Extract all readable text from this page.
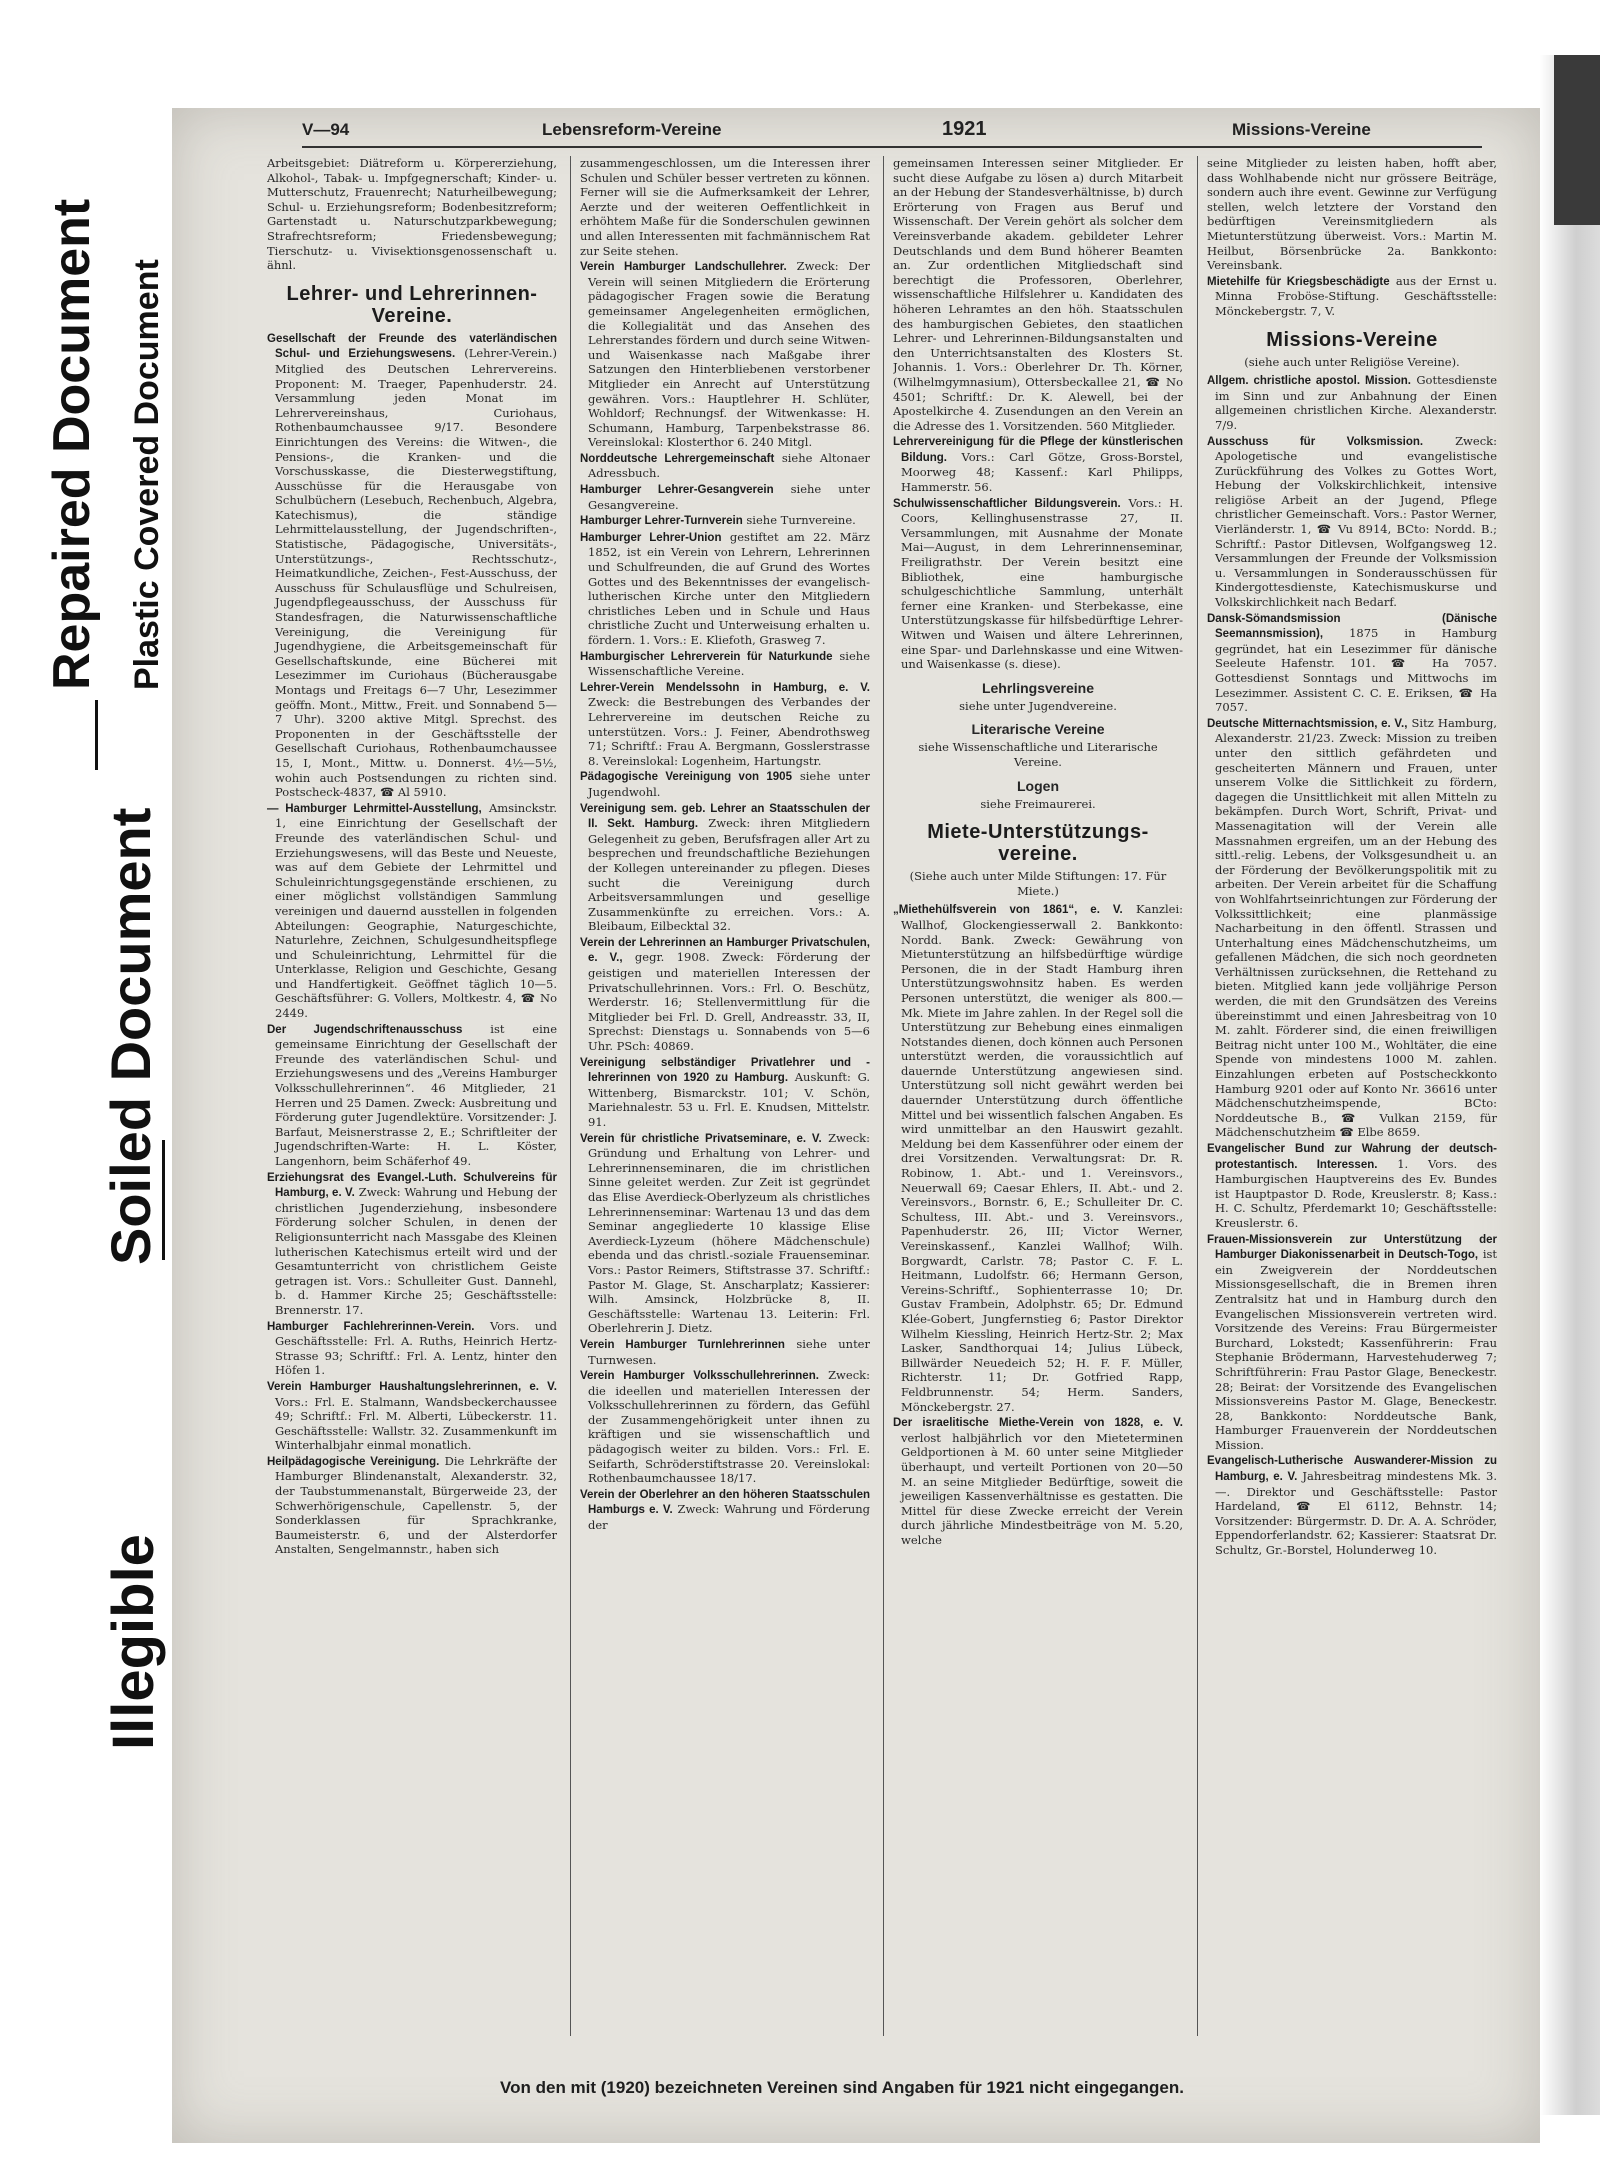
Repaired Document Plastic Covered Document
Soiled Document
Illegible
V—94	Lebensreform-Vereine	1921	Missions-Vereine

Arbeitsgebiet: Diätreform u. Körpererziehung, Alkohol-, Tabak- u. Impfgegnerschaft; Kinder- u. Mutterschutz, Frauenrecht; Naturheilbewegung; Schul- u. Erziehungsreform; Bodenbesitzreform; Gartenstadt u. Naturschutzparkbewegung; Strafrechtsreform; Friedensbewegung; Tierschutz- u. Vivisektionsgenossenschaft u. ähnl.

Lehrer- und Lehrerinnen-Vereine.

Gesellschaft der Freunde des vaterländischen Schul- und Erziehungswesens. (Lehrer-Verein.) Mitglied des Deutschen Lehrervereins. Proponent: M. Traeger, Papenhuderstr. 24. Versammlung jeden Monat im Lehrervereinshaus, Curiohaus, Rothenbaumchaussee 9/17. Besondere Einrichtungen des Vereins: die Witwen-, die Pensions-, die Kranken- und die Vorschusskasse, die Diesterwegstiftung, Ausschüsse für die Herausgabe von Schulbüchern (Lesebuch, Rechenbuch, Algebra, Katechismus), die ständige Lehrmittelausstellung, der Jugendschriften-, Statistische, Pädagogische, Universitäts-, Unterstützungs-, Rechtsschutz-, Heimatkundliche, Zeichen-, Fest-Ausschuss, der Ausschuss für Schulausflüge und Schulreisen, Jugendpflegeausschuss, der Ausschuss für Standesfragen, die Naturwissenschaftliche Vereinigung, die Vereinigung für Jugendhygiene, die Arbeitsgemeinschaft für Gesellschaftskunde, eine Bücherei mit Lesezimmer im Curiohaus (Bücherausgabe Montags und Freitags 6—7 Uhr, Lesezimmer geöffn. Mont., Mittw., Freit. und Sonnabend 5—7 Uhr). 3200 aktive Mitgl. Sprechst. des Proponenten in der Geschäftsstelle der Gesellschaft Curiohaus, Rothenbaumchaussee 15, I, Mont., Mittw. u. Donnerst. 4½—5½, wohin auch Postsendungen zu richten sind. Postscheck-4837, ☎ Al 5910.

— Hamburger Lehrmittel-Ausstellung, Amsinckstr. 1, eine Einrichtung der Gesellschaft der Freunde des vaterländischen Schul- und Erziehungswesens, will das Beste und Neueste, was auf dem Gebiete der Lehrmittel und Schuleinrichtungsgegenstände erschienen, zu einer möglichst vollständigen Sammlung vereinigen und dauernd ausstellen in folgenden Abteilungen: Geographie, Naturgeschichte, Naturlehre, Zeichnen, Schulgesundheitspflege und Schuleinrichtung, Lehrmittel für die Unterklasse, Religion und Geschichte, Gesang und Handfertigkeit. Geöffnet täglich 10—5. Geschäftsführer: G. Vollers, Moltkestr. 4, ☎ No 2449.

Der Jugendschriftenausschuss ist eine gemeinsame Einrichtung der Gesellschaft der Freunde des vaterländischen Schul- und Erziehungswesens und des „Vereins Hamburger Volksschullehrerinnen“. 46 Mitglieder, 21 Herren und 25 Damen. Zweck: Ausbreitung und Förderung guter Jugendlektüre. Vorsitzender: J. Barfaut, Meisnerstrasse 2, E.; Schriftleiter der Jugendschriften-Warte: H. L. Köster, Langenhorn, beim Schäferhof 49.

Erziehungsrat des Evangel.-Luth. Schulvereins für Hamburg, e. V. Zweck: Wahrung und Hebung der christlichen Jugenderziehung, insbesondere Förderung solcher Schulen, in denen der Religionsunterricht nach Massgabe des Kleinen lutherischen Katechismus erteilt wird und der Gesamtunterricht von christlichem Geiste getragen ist. Vors.: Schulleiter Gust. Dannehl, b. d. Hammer Kirche 25; Geschäftsstelle: Brennerstr. 17.

Hamburger Fachlehrerinnen-Verein. Vors. und Geschäftsstelle: Frl. A. Ruths, Heinrich Hertz-Strasse 93; Schriftf.: Frl. A. Lentz, hinter den Höfen 1.

Verein Hamburger Haushaltungslehrerinnen, e. V. Vors.: Frl. E. Stalmann, Wandsbeckerchaussee 49; Schriftf.: Frl. M. Alberti, Lübeckerstr. 11. Geschäftsstelle: Wallstr. 32. Zusammenkunft im Winterhalbjahr einmal monatlich.

Heilpädagogische Vereinigung. Die Lehrkräfte der Hamburger Blindenanstalt, Alexanderstr. 32, der Taubstummenanstalt, Bürgerweide 23, der Schwerhörigenschule, Capellenstr. 5, der Sonderklassen für Sprachkranke, Baumeisterstr. 6, und der Alsterdorfer Anstalten, Sengelmannstr., haben sich

zusammengeschlossen, um die Interessen ihrer Schulen und Schüler besser vertreten zu können. Ferner will sie die Aufmerksamkeit der Lehrer, Aerzte und der weiteren Oeffentlichkeit in erhöhtem Maße für die Sonderschulen gewinnen und allen Interessenten mit fachmännischem Rat zur Seite stehen.

Verein Hamburger Landschullehrer. Zweck: Der Verein will seinen Mitgliedern die Erörterung pädagogischer Fragen sowie die Beratung gemeinsamer Angelegenheiten ermöglichen, die Kollegialität und das Ansehen des Lehrerstandes fördern und durch seine Witwen- und Waisenkasse nach Maßgabe ihrer Satzungen den Hinterbliebenen verstorbener Mitglieder ein Anrecht auf Unterstützung gewähren. Vors.: Hauptlehrer H. Schlüter, Wohldorf; Rechnungsf. der Witwenkasse: H. Schumann, Hamburg, Tarpenbekstrasse 86. Vereinslokal: Klosterthor 6. 240 Mitgl.

Norddeutsche Lehrergemeinschaft siehe Altonaer Adressbuch.

Hamburger Lehrer-Gesangverein siehe unter Gesangvereine.

Hamburger Lehrer-Turnverein siehe Turnvereine.

Hamburger Lehrer-Union gestiftet am 22. März 1852, ist ein Verein von Lehrern, Lehrerinnen und Schulfreunden, die auf Grund des Wortes Gottes und des Bekenntnisses der evangelisch-lutherischen Kirche unter den Mitgliedern christliches Leben und in Schule und Haus christliche Zucht und Unterweisung erhalten u. fördern. 1. Vors.: E. Kliefoth, Grasweg 7.

Hamburgischer Lehrerverein für Naturkunde siehe Wissenschaftliche Vereine.

Lehrer-Verein Mendelssohn in Hamburg, e. V. Zweck: die Bestrebungen des Verbandes der Lehrervereine im deutschen Reiche zu unterstützen. Vors.: J. Feiner, Abendrothsweg 71; Schriftf.: Frau A. Bergmann, Gosslerstrasse 8. Vereinslokal: Logenheim, Hartungstr.

Pädagogische Vereinigung von 1905 siehe unter Jugendwohl.

Vereinigung sem. geb. Lehrer an Staatsschulen der II. Sekt. Hamburg. Zweck: ihren Mitgliedern Gelegenheit zu geben, Berufsfragen aller Art zu besprechen und freundschaftliche Beziehungen der Kollegen untereinander zu pflegen. Dieses sucht die Vereinigung durch Arbeitsversammlungen und gesellige Zusammenkünfte zu erreichen. Vors.: A. Bleibaum, Eilbecktal 32.

Verein der Lehrerinnen an Hamburger Privatschulen, e. V., gegr. 1908. Zweck: Förderung der geistigen und materiellen Interessen der Privatschullehrinnen. Vors.: Frl. O. Beschütz, Werderstr. 16; Stellenvermittlung für die Mitglieder bei Frl. D. Grell, Andreasstr. 33, II, Sprechst: Dienstags u. Sonnabends von 5—6 Uhr. PSch: 40869.

Vereinigung selbständiger Privatlehrer und -lehrerinnen von 1920 zu Hamburg. Auskunft: G. Wittenberg, Bismarckstr. 101; V. Schön, Mariehnalestr. 53 u. Frl. E. Knudsen, Mittelstr. 91.

Verein für christliche Privatseminare, e. V. Zweck: Gründung und Erhaltung von Lehrer- und Lehrerinnenseminaren, die im christlichen Sinne geleitet werden. Zur Zeit ist gegründet das Elise Averdieck-Oberlyzeum als christliches Lehrerinnenseminar: Wartenau 13 und das dem Seminar angegliederte 10 klassige Elise Averdieck-Lyzeum (höhere Mädchenschule) ebenda und das christl.-soziale Frauenseminar. Vors.: Pastor Reimers, Stiftstrasse 37. Schriftf.: Pastor M. Glage, St. Anscharplatz; Kassierer: Wilh. Amsinck, Holzbrücke 8, II. Geschäftsstelle: Wartenau 13. Leiterin: Frl. Oberlehrerin J. Dietz.

Verein Hamburger Turnlehrerinnen siehe unter Turnwesen.

Verein Hamburger Volksschullehrerinnen. Zweck: die ideellen und materiellen Interessen der Volksschullehrerinnen zu fördern, das Gefühl der Zusammengehörigkeit unter ihnen zu kräftigen und sie wissenschaftlich und pädagogisch weiter zu bilden. Vors.: Frl. E. Seifarth, Schröderstiftstrasse 20. Vereinslokal: Rothenbaumchaussee 18/17.

Verein der Oberlehrer an den höheren Staatsschulen Hamburgs e. V. Zweck: Wahrung und Förderung der

gemeinsamen Interessen seiner Mitglieder. Er sucht diese Aufgabe zu lösen a) durch Mitarbeit an der Hebung der Standesverhältnisse, b) durch Erörterung von Fragen aus Beruf und Wissenschaft. Der Verein gehört als solcher dem Vereinsverbande akadem. gebildeter Lehrer Deutschlands und dem Bund höherer Beamten an. Zur ordentlichen Mitgliedschaft sind berechtigt die Professoren, Oberlehrer, wissenschaftliche Hilfslehrer u. Kandidaten des höheren Lehramtes an den höh. Staatsschulen des hamburgischen Gebietes, den staatlichen Lehrer- und Lehrerinnen-Bildungsanstalten und den Unterrichtsanstalten des Klosters St. Johannis. 1. Vors.: Oberlehrer Dr. Th. Körner, (Wilhelmgymnasium), Ottersbeckallee 21, ☎ No 4501; Schriftf.: Dr. K. Alewell, bei der Apostelkirche 4. Zusendungen an den Verein an die Adresse des 1. Vorsitzenden. 560 Mitglieder.

Lehrervereinigung für die Pflege der künstlerischen Bildung. Vors.: Carl Götze, Gross-Borstel, Moorweg 48; Kassenf.: Karl Philipps, Hammerstr. 56.

Schulwissenschaftlicher Bildungsverein. Vors.: H. Coors, Kellinghusenstrasse 27, II. Versammlungen, mit Ausnahme der Monate Mai—August, in dem Lehrerinnenseminar, Freiligrathstr. Der Verein besitzt eine Bibliothek, eine hamburgische schulgeschichtliche Sammlung, unterhält ferner eine Kranken- und Sterbekasse, eine Unterstützungskasse für hilfsbedürftige Lehrer-Witwen und Waisen und ältere Lehrerinnen, eine Spar- und Darlehnskasse und eine Witwen- und Waisenkasse (s. diese).

Lehrlingsvereine
siehe unter Jugendvereine.
Literarische Vereine
siehe Wissenschaftliche und Literarische Vereine.
Logen
siehe Freimaurerei.
Miete-Unterstützungs-vereine.
(Siehe auch unter Milde Stiftungen: 17. Für Miete.)

„Miethehülfsverein von 1861“, e. V. Kanzlei: Wallhof, Glockengiesserwall 2. Bankkonto: Nordd. Bank. Zweck: Gewährung von Mietunterstützung an hilfsbedürftige würdige Personen, die in der Stadt Hamburg ihren Unterstützungswohnsitz haben. Es werden Personen unterstützt, die weniger als 800.— Mk. Miete im Jahre zahlen. In der Regel soll die Unterstützung zur Behebung eines einmaligen Notstandes dienen, doch können auch Personen unterstützt werden, die voraussichtlich auf dauernde Unterstützung angewiesen sind. Unterstützung soll nicht gewährt werden bei dauernder Unterstützung durch öffentliche Mittel und bei wissentlich falschen Angaben. Es wird unmittelbar an den Hauswirt gezahlt. Meldung bei dem Kassenführer oder einem der drei Vorsitzenden. Verwaltungsrat: Dr. R. Robinow, 1. Abt.- und 1. Vereinsvors., Neuerwall 69; Caesar Ehlers, II. Abt.- und 2. Vereinsvors., Bornstr. 6, E.; Schulleiter Dr. C. Schultess, III. Abt.- und 3. Vereinsvors., Papenhuderstr. 26, III; Victor Werner, Vereinskassenf., Kanzlei Wallhof; Wilh. Borgwardt, Carlstr. 78; Pastor C. F. L. Heitmann, Ludolfstr. 66; Hermann Gerson, Vereins-Schriftf., Sophienterrasse 10; Dr. Gustav Frambein, Adolphstr. 65; Dr. Edmund Klée-Gobert, Jungfernstieg 6; Pastor Direktor Wilhelm Kiessling, Heinrich Hertz-Str. 2; Max Lasker, Sandthorquai 14; Julius Lübeck, Billwärder Neuedeich 52; H. F. F. Müller, Richterstr. 11; Dr. Gotfried Rapp, Feldbrunnenstr. 54; Herm. Sanders, Mönckebergstr. 27.

Der israelitische Miethe-Verein von 1828, e. V. verlost halbjährlich vor den Mieteterminen Geldportionen à M. 60 unter seine Mitglieder überhaupt, und verteilt Portionen von 20—50 M. an seine Mitglieder Bedürftige, soweit die jeweiligen Kassenverhältnisse es gestatten. Die Mittel für diese Zwecke erreicht der Verein durch jährliche Mindestbeiträge von M. 5.20, welche

seine Mitglieder zu leisten haben, hofft aber, dass Wohlhabende nicht nur grössere Beiträge, sondern auch ihre event. Gewinne zur Verfügung stellen, welch letztere der Vorstand den bedürftigen Vereinsmitgliedern als Mietunterstützung überweist. Vors.: Martin M. Heilbut, Börsenbrücke 2a. Bankkonto: Vereinsbank.

Mietehilfe für Kriegsbeschädigte aus der Ernst u. Minna Froböse-Stiftung. Geschäftsstelle: Mönckebergstr. 7, V.

Missions-Vereine
(siehe auch unter Religiöse Vereine).

Allgem. christliche apostol. Mission. Gottesdienste im Sinn und zur Anbahnung der Einen allgemeinen christlichen Kirche. Alexanderstr. 7/9.

Ausschuss für Volksmission.	Zweck: Apologetische und evangelistische Zurückführung des Volkes zu Gottes Wort, Hebung der Volkskirchlichkeit, intensive religiöse Arbeit an der Jugend, Pflege christlicher Gemeinschaft. Vors.: Pastor Werner, Vierländerstr. 1, ☎ Vu 8914, BCto: Nordd. B.; Schriftf.: Pastor Ditlevsen, Wolfgangsweg 12. Versammlungen der Freunde der Volksmission u. Versammlungen in Sonderausschüssen für Kindergottesdienste, Katechismuskurse und Volkskirchlichkeit nach Bedarf.

Dansk-Sömandsmission (Dänische Seemannsmission), 1875 in Hamburg gegründet, hat ein Lesezimmer für dänische Seeleute Hafenstr. 101. ☎ Ha 7057. Gottesdienst Sonntags und Mittwochs im Lesezimmer. Assistent C. C. E. Eriksen, ☎ Ha 7057.

Deutsche Mitternachtsmission, e. V., Sitz Hamburg, Alexanderstr. 21/23. Zweck: Mission zu treiben unter den sittlich gefährdeten und gescheiterten Männern und Frauen, unter unserem Volke die Sittlichkeit zu fördern, dagegen die Unsittlichkeit mit allen Mitteln zu bekämpfen. Durch Wort, Schrift, Privat- und Massenagitation will der Verein alle Massnahmen ergreifen, um an der Hebung des sittl.-relig. Lebens, der Volksgesundheit u. an der Förderung der Bevölkerungspolitik mit zu arbeiten. Der Verein arbeitet für die Schaffung von Wohlfahrtseinrichtungen zur Förderung der Volkssittlichkeit; eine planmässige Nacharbeitung in den öffentl. Strassen und Unterhaltung eines Mädchenschutzheims, um gefallenen Mädchen, die sich noch geordneten Verhältnissen zurücksehnen, die Rettehand zu bieten. Mitglied kann jede volljährige Person werden, die mit den Grundsätzen des Vereins übereinstimmt und einen Jahresbeitrag von 10 M. zahlt. Förderer sind, die einen freiwilligen Beitrag nicht unter 100 M., Wohltäter, die eine Spende von mindestens 1000 M. zahlen. Einzahlungen erbeten auf Postscheckkonto Hamburg 9201 oder auf Konto Nr. 36616 unter Mädchenschutzheimspende, BCto: Norddeutsche B., ☎ Vulkan 2159, für Mädchenschutzheim ☎ Elbe 8659.

Evangelischer Bund zur Wahrung der deutsch-protestantisch. Interessen. 1. Vors. des Hamburgischen Hauptvereins des Ev. Bundes ist Hauptpastor D. Rode, Kreuslerstr. 8; Kass.: H. C. Schultz, Pferdemarkt 10; Geschäftsstelle: Kreuslerstr. 6.

Frauen-Missionsverein zur Unterstützung der Hamburger Diakonissenarbeit in Deutsch-Togo, ist ein Zweigverein der Norddeutschen Missionsgesellschaft, die in Bremen ihren Zentralsitz hat und in Hamburg durch den Evangelischen Missionsverein vertreten wird. Vorsitzende des Vereins: Frau Bürgermeister Burchard, Lokstedt; Kassenführerin: Frau Stephanie Brödermann, Harvestehuderweg 7; Schriftführerin: Frau Pastor Glage, Beneckestr. 28; Beirat: der Vorsitzende des Evangelischen Missionsvereins Pastor M. Glage, Beneckestr. 28, Bankkonto: Norddeutsche Bank, Hamburger Frauenverein der Norddeutschen Mission.

Evangelisch-Lutherische Auswanderer-Mission zu Hamburg, e. V. Jahresbeitrag mindestens Mk. 3.—. Direktor und Geschäftsstelle: Pastor Hardeland, ☎ El 6112, Behnstr. 14; Vorsitzender: Bürgermstr. D. Dr. A. A. Schröder, Eppendorferlandstr. 62; Kassierer: Staatsrat Dr. Schultz, Gr.-Borstel, Holunderweg 10.

Von den mit (1920) bezeichneten Vereinen sind Angaben für 1921 nicht eingegangen.
